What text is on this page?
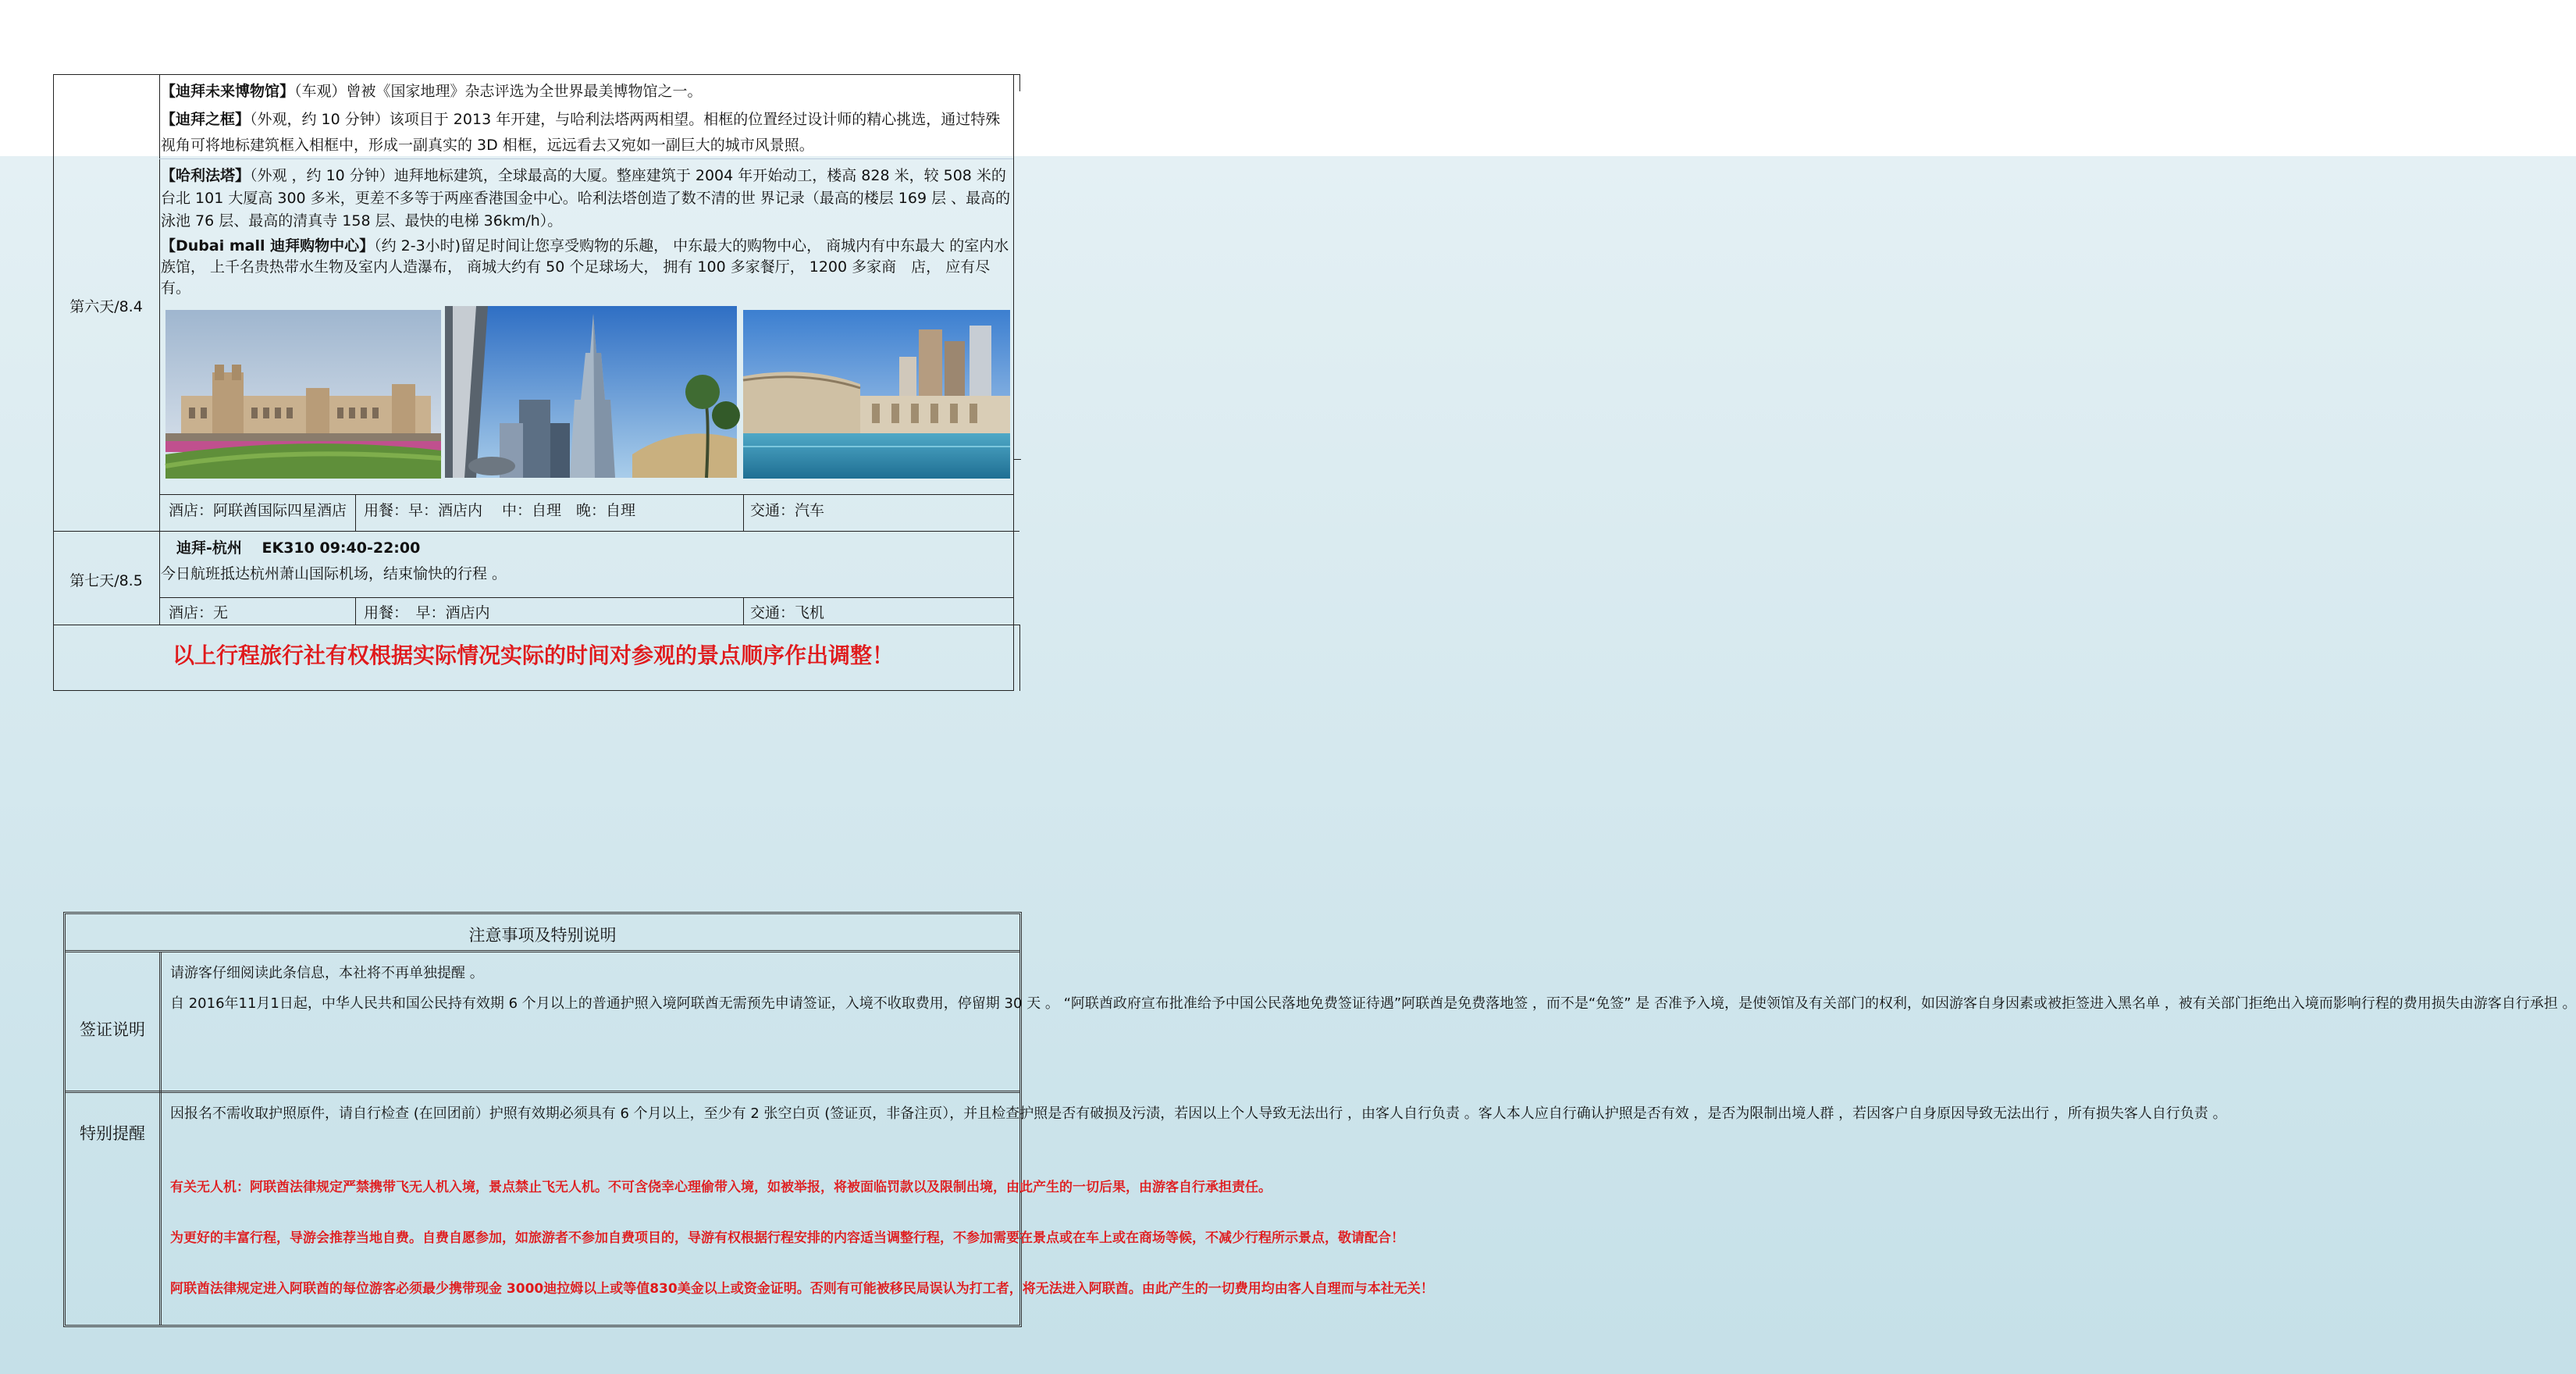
第六天/8.4
【迪拜未来博物馆】（车观）曾被《国家地理》杂志评选为全世界最美博物馆之一。
【迪拜之框】（外观，约 10 分钟）该项目于 2013 年开建，与哈利法塔两两相望。相框的位置经过设计师的精心挑选，通过特殊视角可将地标建筑框入相框中，形成一副真实的 3D 相框，远远看去又宛如一副巨大的城市风景照。
【哈利法塔】（外观 ，约 10 分钟）迪拜地标建筑，全球最高的大厦。整座建筑于 2004 年开始动工，楼高 828 米，较 508 米的台北 101 大厦高 300 多米，更差不多等于两座香港国金中心。哈利法塔创造了数不清的世 界记录（最高的楼层 169 层 、最高的泳池 76 层、最高的清真寺 158 层、最快的电梯 36km/h）。
【Dubai mall 迪拜购物中心】（约 2-3小时)留足时间让您享受购物的乐趣， 中东最大的购物中心， 商城内有中东最大 的室内水族馆， 上千名贵热带水生物及室内人造瀑布， 商城大约有 50 个足球场大， 拥有 100 多家餐厅， 1200 多家商　店， 应有尽有。
酒店：阿联酋国际四星酒店 用餐：早：酒店内　 中：自理　晚：自理	交通：汽车
第七天/8.5
迪拜-杭州　 EK310 09:40-22:00
今日航班抵达杭州萧山国际机场，结束愉快的行程 。
酒店：无	用餐：　早：酒店内	交通：飞机
以上行程旅行社有权根据实际情况实际的时间对参观的景点顺序作出调整！
注意事项及特别说明
签证说明
请游客仔细阅读此条信息，本社将不再单独提醒 。
自 2016年11月1日起，中华人民共和国公民持有效期 6 个月以上的普通护照入境阿联酋无需预先申请签证，入境不收取费用，停留期 30 天 。 “阿联酋政府宣布批准给予中国公民落地免费签证待遇”阿联酋是免费落地签 ，而不是“免签” 是 否准予入境，是使领馆及有关部门的权利，如因游客自身因素或被拒签进入黑名单 ，被有关部门拒绝出入境而影响行程的费用损失由游客自行承担 。
特别提醒
因报名不需收取护照原件，请自行检查 (在回团前）护照有效期必须具有 6 个月以上，至少有 2 张空白页 (签证页，非备注页），并且检查护照是否有破损及污渍，若因以上个人导致无法出行 ，由客人自行负责 。客人本人应自行确认护照是否有效 ，是否为限制出境人群 ，若因客户自身原因导致无法出行 ，所有损失客人自行负责 。
有关无人机：阿联酋法律规定严禁携带飞无人机入境，景点禁止飞无人机。不可含侥幸心理偷带入境，如被举报，将被面临罚款以及限制出境，由此产生的一切后果，由游客自行承担责任。
为更好的丰富行程，导游会推荐当地自费。自费自愿参加，如旅游者不参加自费项目的，导游有权根据行程安排的内容适当调整行程，不参加需要在景点或在车上或在商场等候，不减少行程所示景点，敬请配合！
阿联酋法律规定进入阿联酋的每位游客必须最少携带现金 3000迪拉姆以上或等值830美金以上或资金证明。否则有可能被移民局误认为打工者，将无法进入阿联酋。由此产生的一切费用均由客人自理而与本社无关！
